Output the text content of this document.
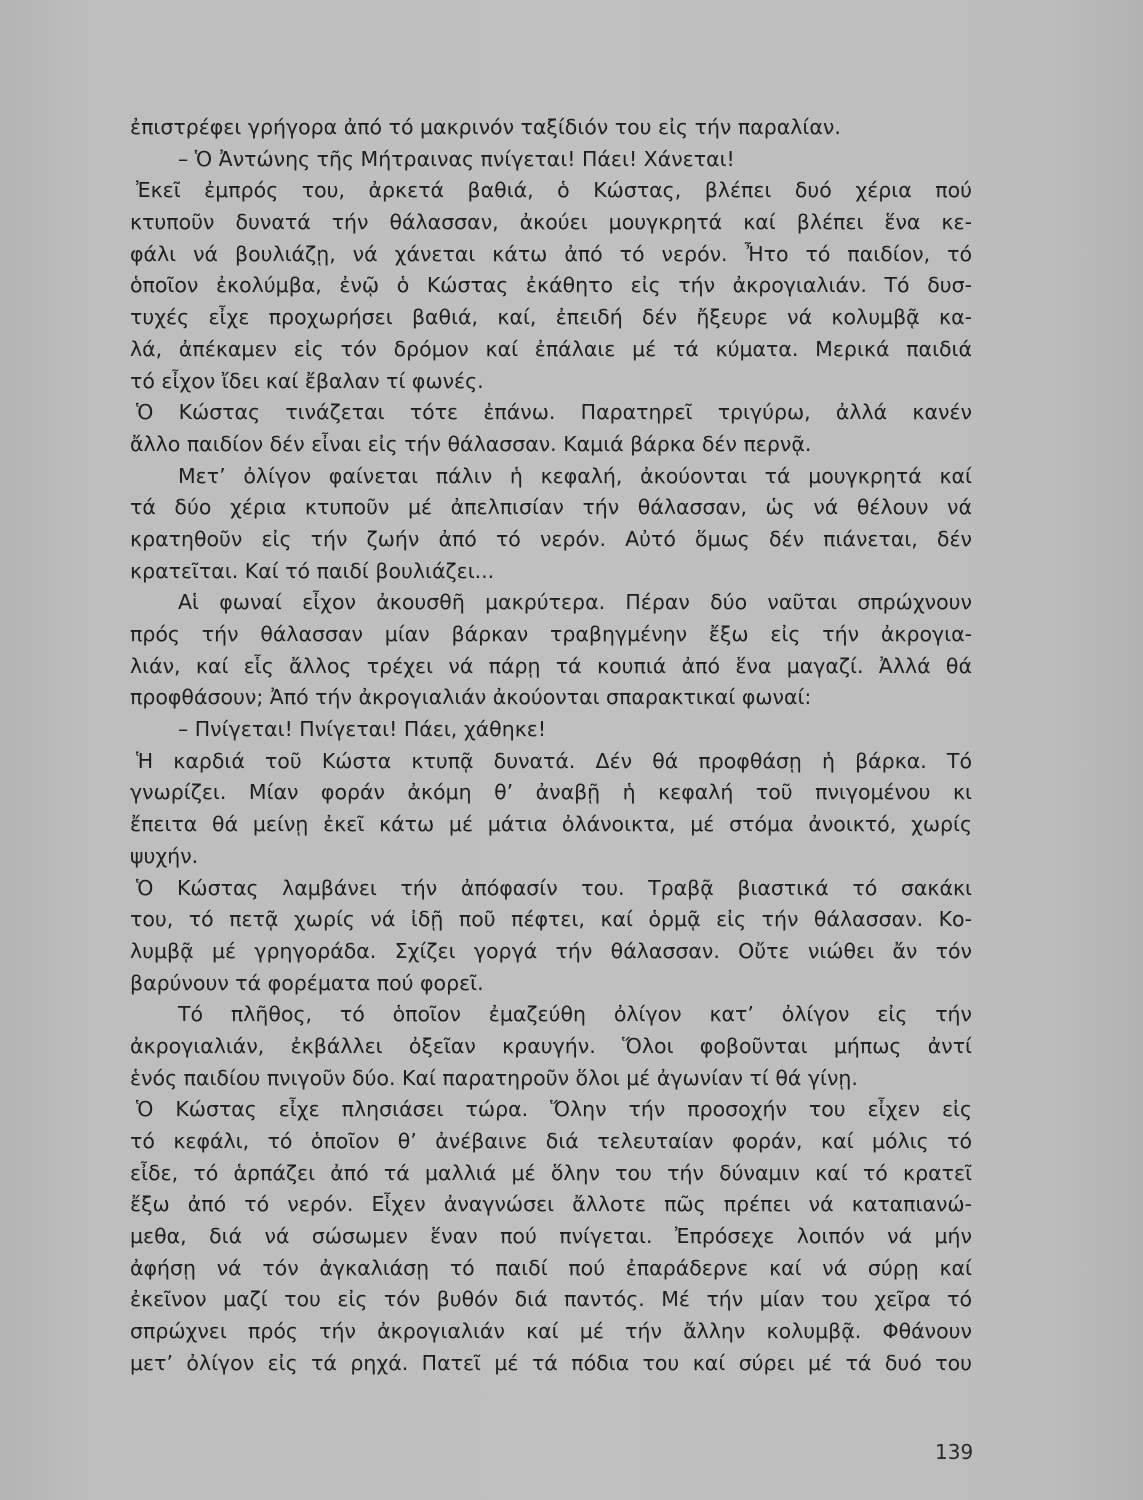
ἐπιστρέφει γρήγορα ἀπό τό μακρινόν ταξίδιόν του εἰς τήν παραλίαν.
– Ὁ Ἀντώνης τῆς Μήτραινας πνίγεται! Πάει! Χάνεται!
Ἐκεῖ ἐμπρός του, ἀρκετά βαθιά, ὁ Κώστας, βλέπει δυό χέρια πού
κτυποῦν δυνατά τήν θάλασσαν, ἀκούει μουγκρητά καί βλέπει ἕνα κε-
φάλι νά βουλιάζῃ, νά χάνεται κάτω ἀπό τό νερόν. Ἦτο τό παιδίον, τό
ὁποῖον ἐκολύμβα, ἐνῷ ὁ Κώστας ἐκάθητο εἰς τήν ἀκρογιαλιάν. Τό δυσ-
τυχές εἶχε προχωρήσει βαθιά, καί, ἐπειδή δέν ἤξευρε νά κολυμβᾷ κα-
λά, ἀπέκαμεν εἰς τόν δρόμον καί ἐπάλαιε μέ τά κύματα. Μερικά παιδιά
τό εἶχον ἴδει καί ἔβαλαν τί φωνές.
Ὁ Κώστας τινάζεται τότε ἐπάνω. Παρατηρεῖ τριγύρω, ἀλλά κανέν
ἄλλο παιδίον δέν εἶναι εἰς τήν θάλασσαν. Καμιά βάρκα δέν περνᾷ.
Μετ’ ὀλίγον φαίνεται πάλιν ἡ κεφαλή, ἀκούονται τά μουγκρητά καί
τά δύο χέρια κτυποῦν μέ ἀπελπισίαν τήν θάλασσαν, ὡς νά θέλουν νά
κρατηθοῦν εἰς τήν ζωήν ἀπό τό νερόν. Αὐτό ὅμως δέν πιάνεται, δέν
κρατεῖται. Καί τό παιδί βουλιάζει...
Αἱ φωναί εἶχον ἀκουσθῆ μακρύτερα. Πέραν δύο ναῦται σπρώχνουν
πρός τήν θάλασσαν μίαν βάρκαν τραβηγμένην ἔξω εἰς τήν ἀκρογια-
λιάν, καί εἷς ἄλλος τρέχει νά πάρῃ τά κουπιά ἀπό ἕνα μαγαζί. Ἀλλά θά
προφθάσουν; Ἀπό τήν ἀκρογιαλιάν ἀκούονται σπαρακτικαί φωναί:
– Πνίγεται! Πνίγεται! Πάει, χάθηκε!
Ἡ καρδιά τοῦ Κώστα κτυπᾷ δυνατά. Δέν θά προφθάσῃ ἡ βάρκα. Τό
γνωρίζει. Μίαν φοράν ἀκόμη θ’ ἀναβῇ ἡ κεφαλή τοῦ πνιγομένου κι
ἔπειτα θά μείνῃ ἐκεῖ κάτω μέ μάτια ὀλάνοικτα, μέ στόμα ἀνοικτό, χωρίς
ψυχήν.
Ὁ Κώστας λαμβάνει τήν ἀπόφασίν του. Τραβᾷ βιαστικά τό σακάκι
του, τό πετᾷ χωρίς νά ἰδῇ ποῦ πέφτει, καί ὁρμᾷ εἰς τήν θάλασσαν. Κο-
λυμβᾷ μέ γρηγοράδα. Σχίζει γοργά τήν θάλασσαν. Οὔτε νιώθει ἄν τόν
βαρύνουν τά φορέματα πού φορεῖ.
Τό πλῆθος, τό ὁποῖον ἐμαζεύθη ὀλίγον κατ’ ὀλίγον εἰς τήν
ἀκρογιαλιάν, ἐκβάλλει ὀξεῖαν κραυγήν. Ὅλοι φοβοῦνται μήπως ἀντί
ἑνός παιδίου πνιγοῦν δύο. Καί παρατηροῦν ὅλοι μέ ἀγωνίαν τί θά γίνῃ.
Ὁ Κώστας εἶχε πλησιάσει τώρα. Ὅλην τήν προσοχήν του εἶχεν εἰς
τό κεφάλι, τό ὁποῖον θ’ ἀνέβαινε διά τελευταίαν φοράν, καί μόλις τό
εἶδε, τό ἁρπάζει ἀπό τά μαλλιά μέ ὅλην του τήν δύναμιν καί τό κρατεῖ
ἔξω ἀπό τό νερόν. Εἶχεν ἀναγνώσει ἄλλοτε πῶς πρέπει νά καταπιανώ-
μεθα, διά νά σώσωμεν ἕναν πού πνίγεται. Ἐπρόσεχε λοιπόν νά μήν
ἀφήσῃ νά τόν ἀγκαλιάσῃ τό παιδί πού ἐπαράδερνε καί νά σύρῃ καί
ἐκεῖνον μαζί του εἰς τόν βυθόν διά παντός. Μέ τήν μίαν του χεῖρα τό
σπρώχνει πρός τήν ἀκρογιαλιάν καί μέ τήν ἄλλην κολυμβᾷ. Φθάνουν
μετ’ ὀλίγον εἰς τά ρηχά. Πατεῖ μέ τά πόδια του καί σύρει μέ τά δυό του
139
